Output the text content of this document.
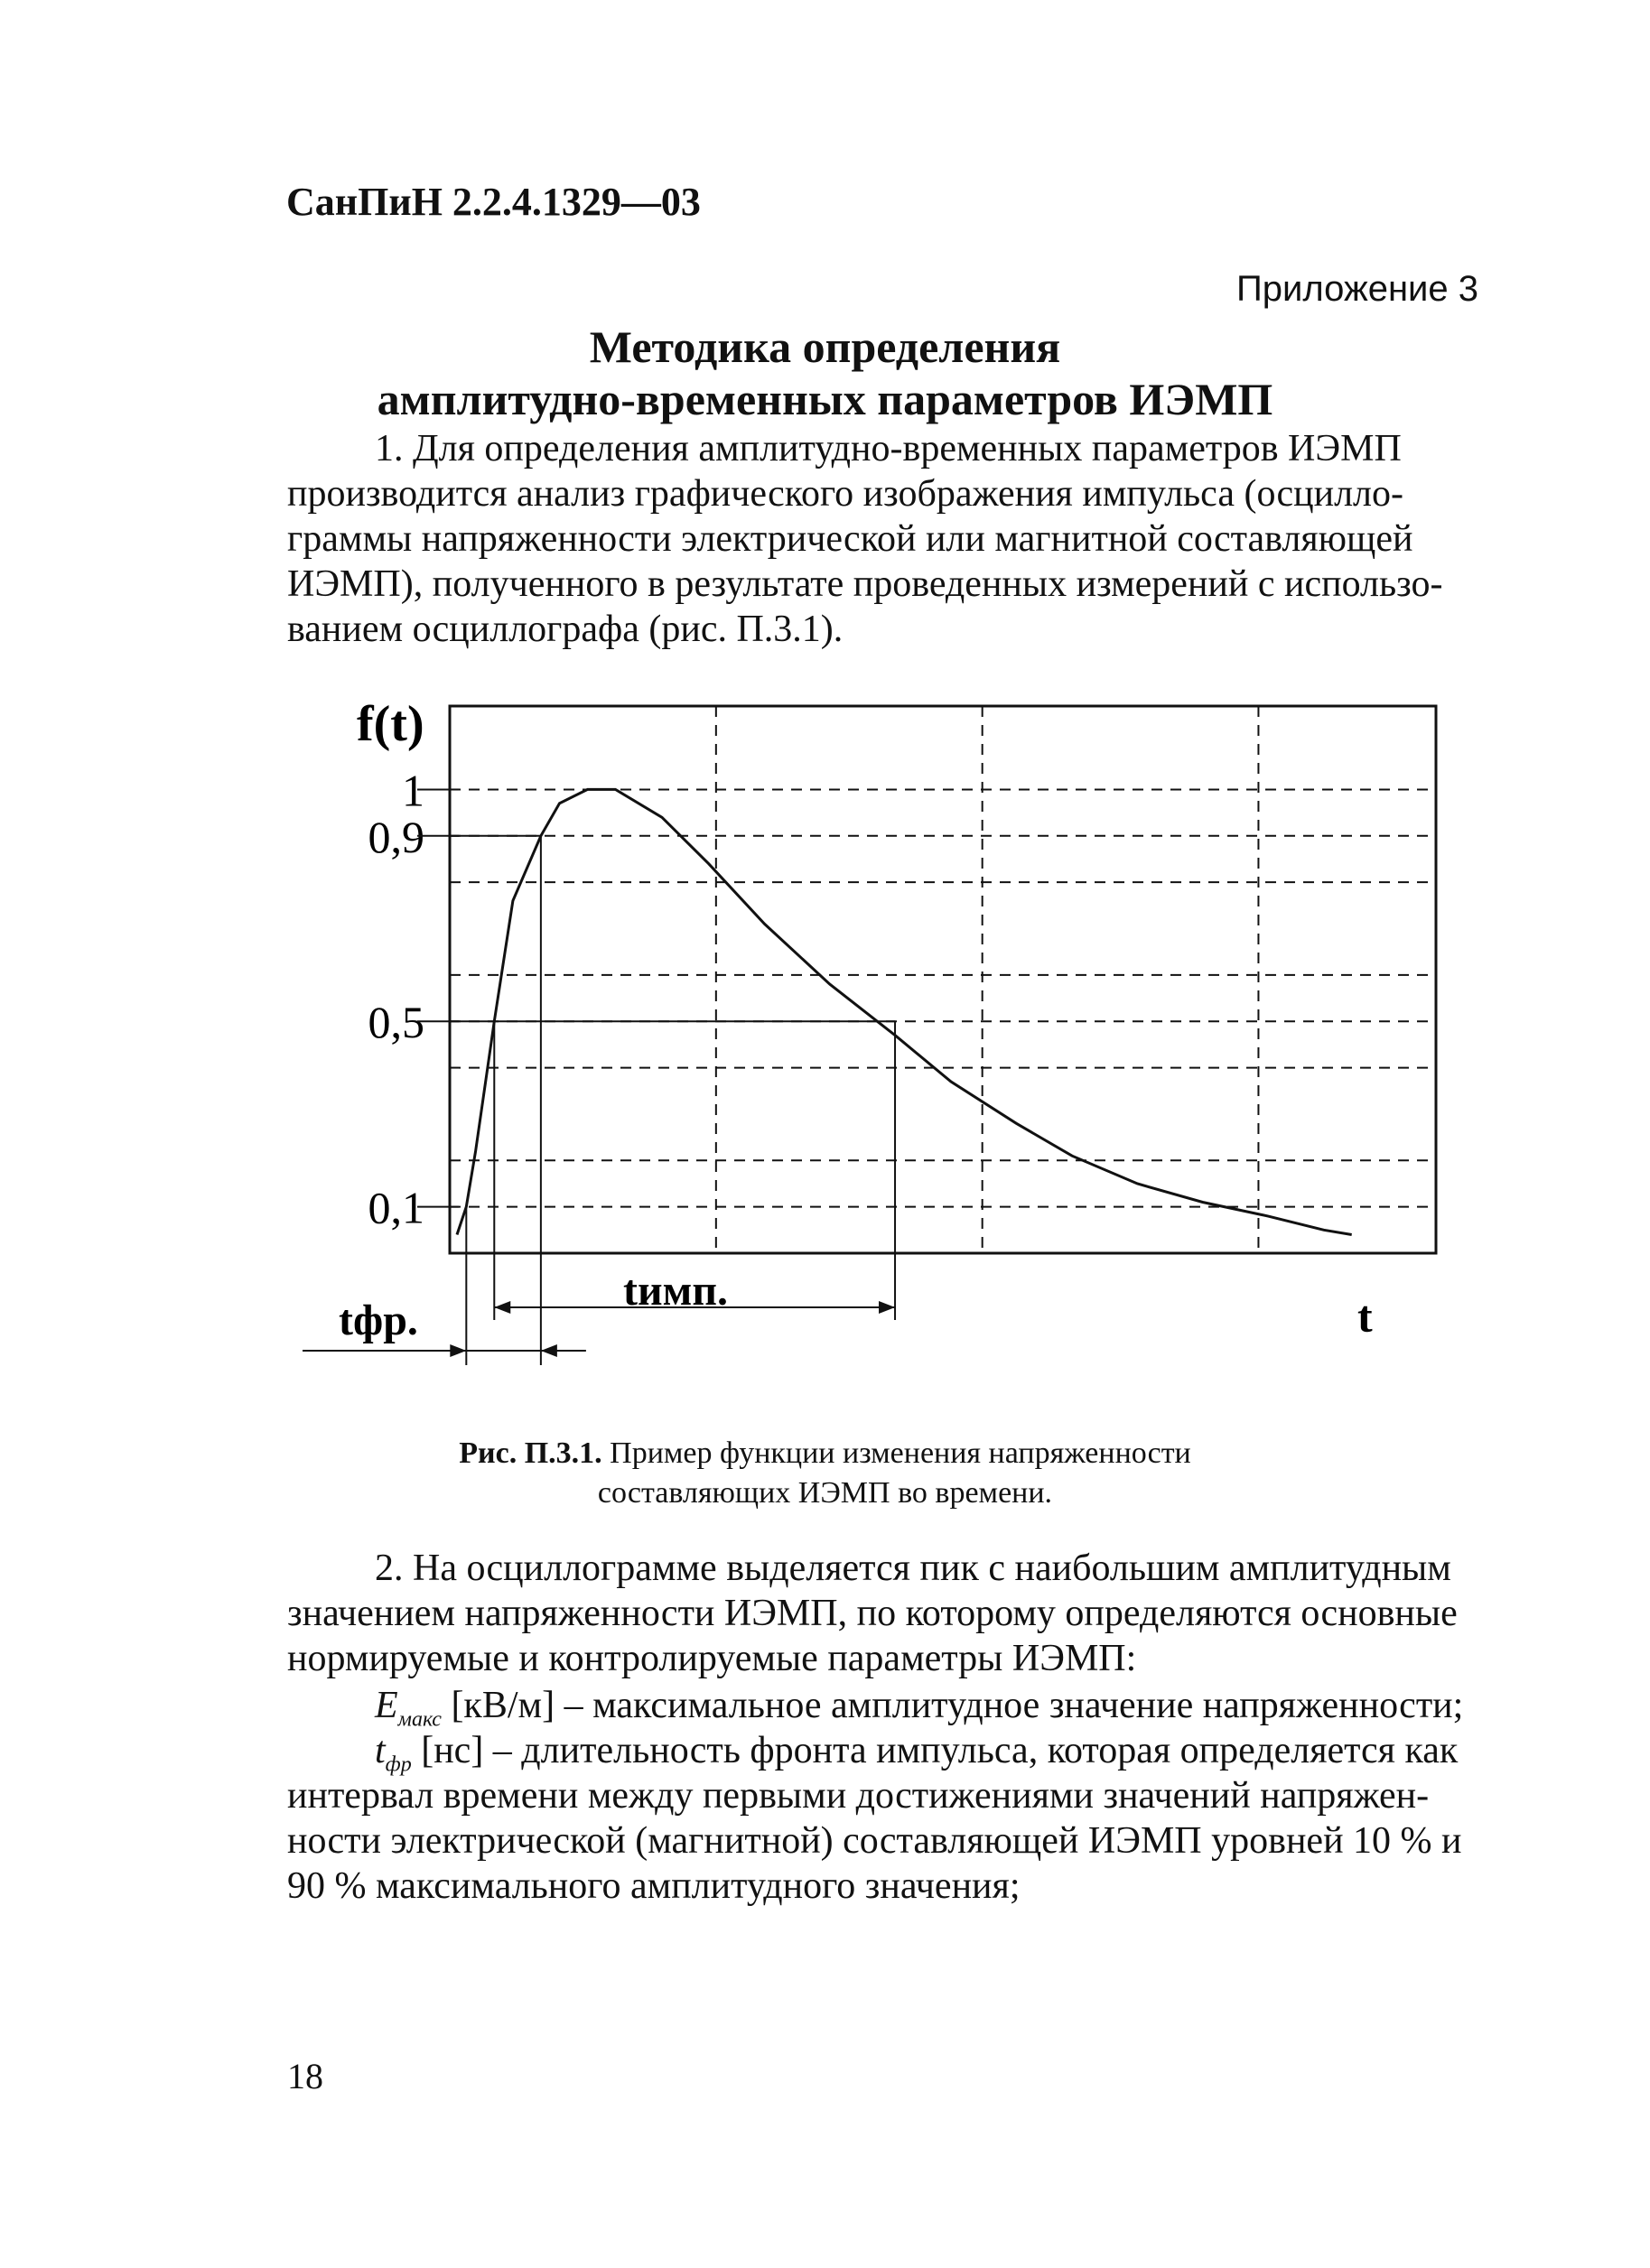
СанПиН 2.2.4.1329—03
Приложение 3
Методика определения
амплитудно-временных параметров ИЭМП
1. Для определения амплитудно-временных параметров ИЭМП
производится анализ графического изображения импульса (осцилло-
граммы напряженности электрической или магнитной составляющей
ИЭМП), полученного в результате проведенных измерений с использо-
ванием осциллографа (рис. П.3.1).
1
0,9
0,5
0,1
f(t)
t
tимп.
tфр.
Рис. П.3.1. Пример функции изменения напряженности
составляющих ИЭМП во времени.
2. На осциллограмме выделяется пик с наибольшим амплитудным
значением напряженности ИЭМП, по которому определяются основные
нормируемые и контролируемые параметры ИЭМП:
$E_{макс}$ [кВ/м] – максимальное амплитудное значение напряженности;
$t_{фр}$ [нс] – длительность фронта импульса, которая определяется как
интервал времени между первыми достижениями значений напряжен-
ности электрической (магнитной) составляющей ИЭМП уровней 10 % и
90 % максимального амплитудного значения;
18
